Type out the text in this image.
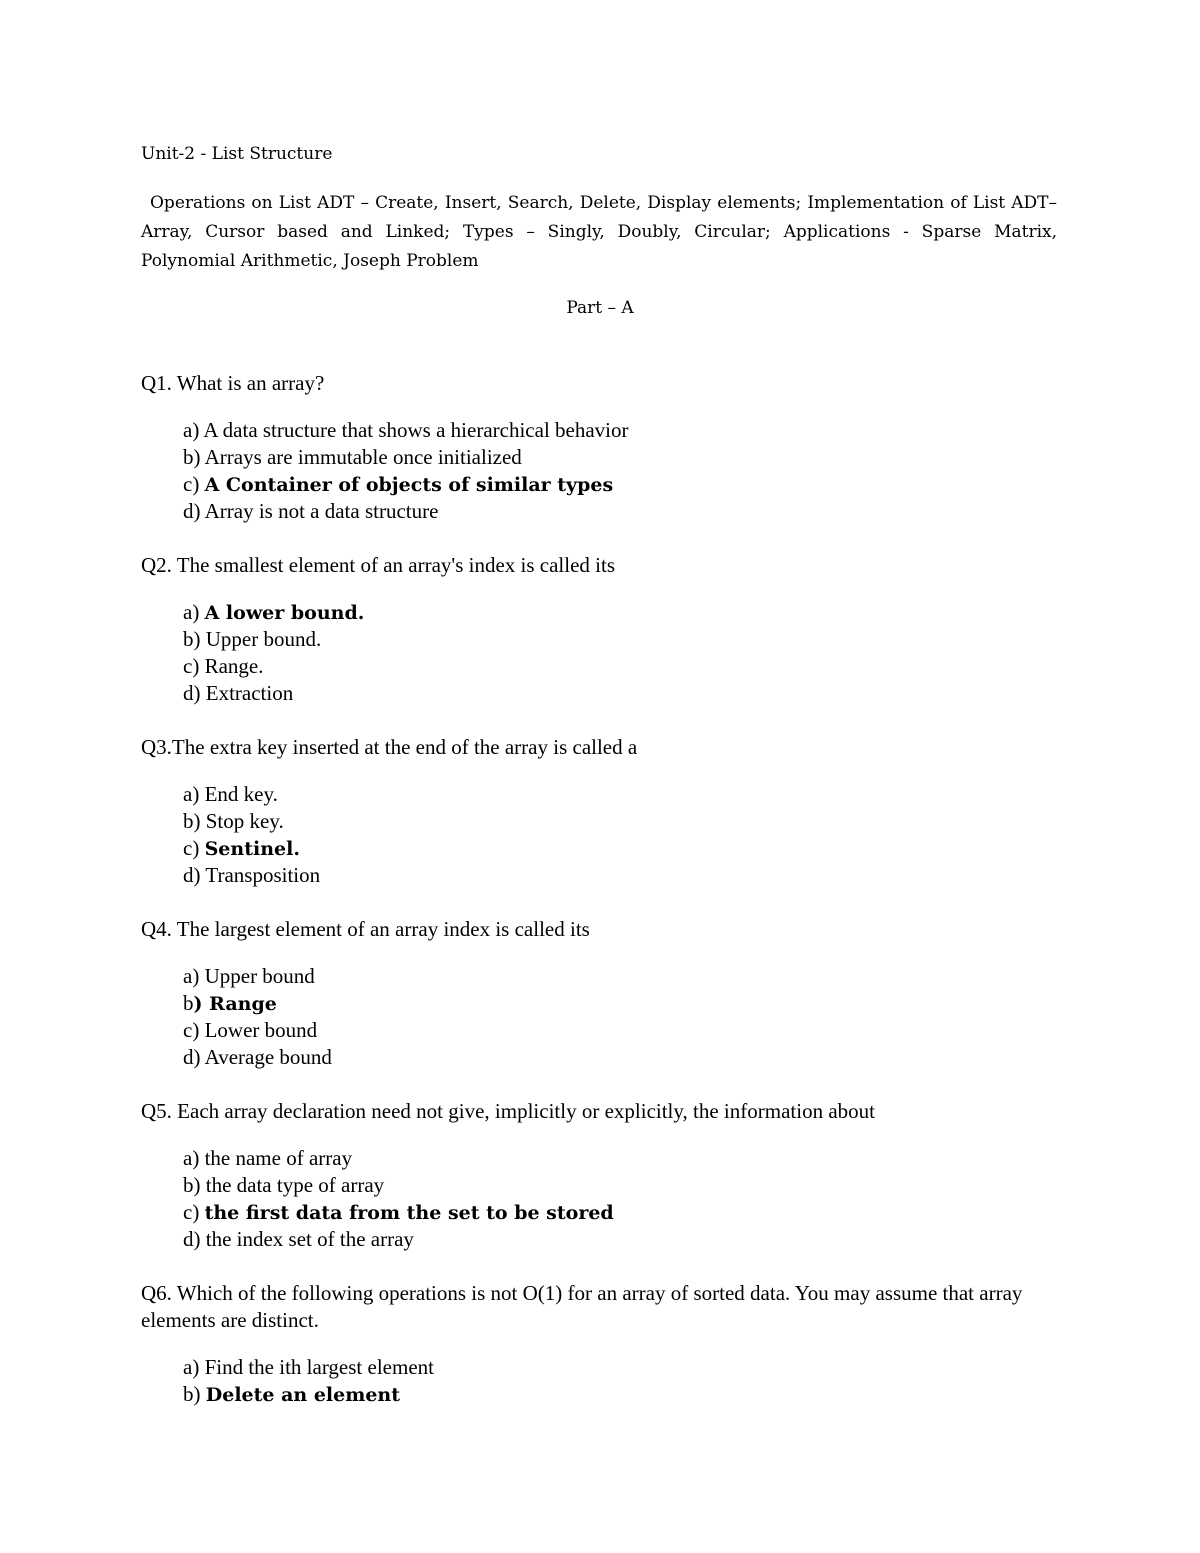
Unit-2 - List Structure

Operations on List ADT – Create, Insert, Search, Delete, Display elements; Implementation of List ADT– Array, Cursor based and Linked; Types – Singly, Doubly, Circular; Applications - Sparse Matrix, Polynomial Arithmetic, Joseph Problem

Part – A

Q1. What is an array?

a) A data structure that shows a hierarchical behavior
b) Arrays are immutable once initialized
c) A Container of objects of similar types
d) Array is not a data structure

Q2. The smallest element of an array's index is called its

a) A lower bound.
b) Upper bound.
c) Range.
d) Extraction

Q3.The extra key inserted at the end of the array is called a

a) End key.
b) Stop key.
c) Sentinel.
d) Transposition

Q4. The largest element of an array index is called its

a) Upper bound
b) Range
c) Lower bound
d) Average bound

Q5. Each array declaration need not give, implicitly or explicitly, the information about

a) the name of array
b) the data type of array
c) the first data from the set to be stored
d) the index set of the array

Q6. Which of the following operations is not O(1) for an array of sorted data. You may assume that array elements are distinct.

a) Find the ith largest element
b) Delete an element
